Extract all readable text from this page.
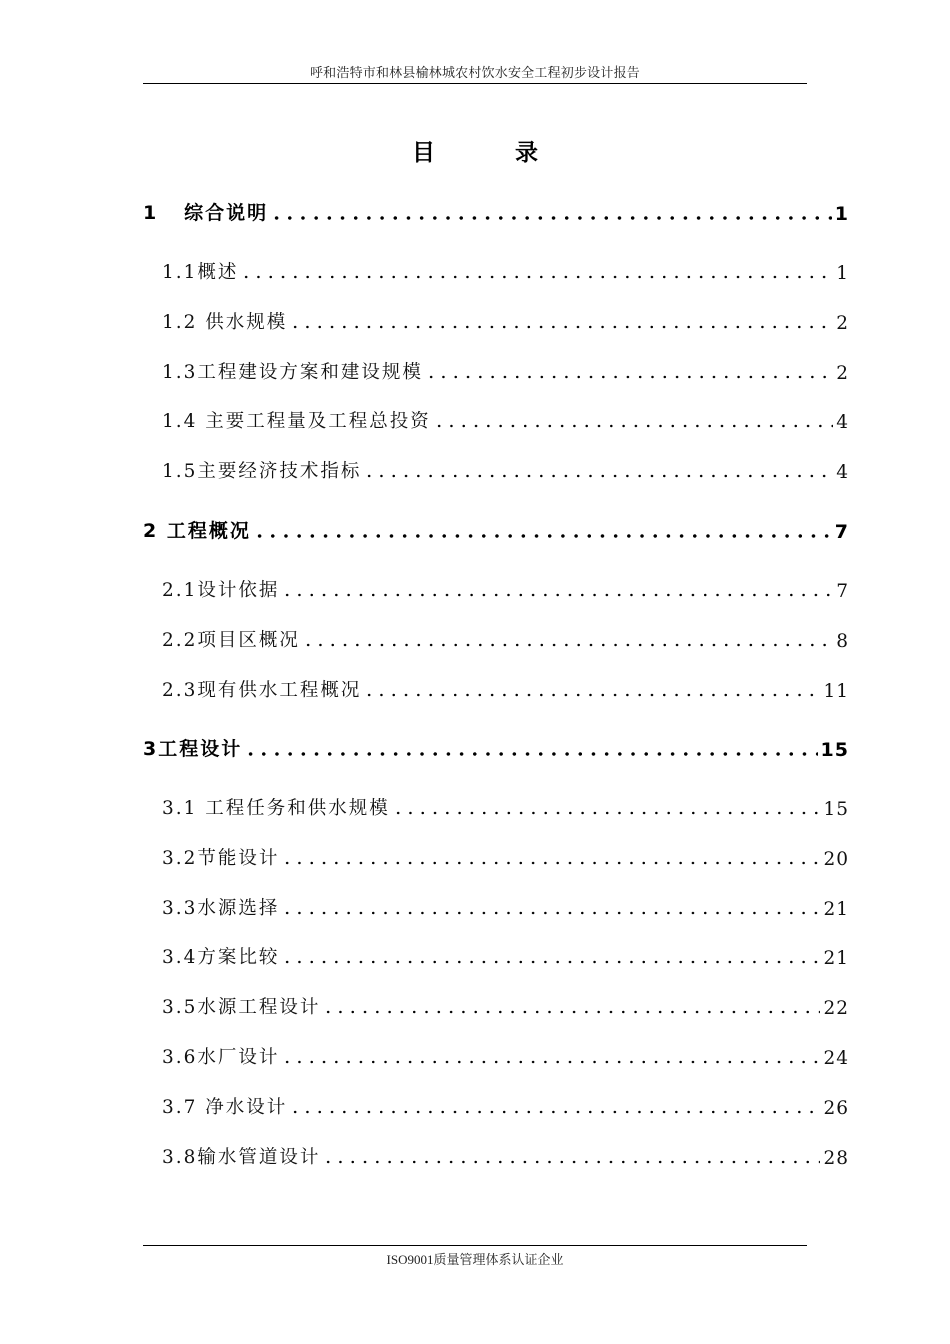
呼和浩特市和林县榆林城农村饮水安全工程初步设计报告
目	录
1   综合说明	1
1.1概述	1
1.2 供水规模	2
1.3工程建设方案和建设规模	2
1.4 主要工程量及工程总投资	4
1.5主要经济技术指标	4
2 工程概况	7
2.1设计依据	7
2.2项目区概况	8
2.3现有供水工程概况	11
3工程设计	15
3.1 工程任务和供水规模	15
3.2节能设计	20
3.3水源选择	21
3.4方案比较	21
3.5水源工程设计	22
3.6水厂设计	24
3.7 净水设计	26
3.8输水管道设计	28
ISO9001质量管理体系认证企业
